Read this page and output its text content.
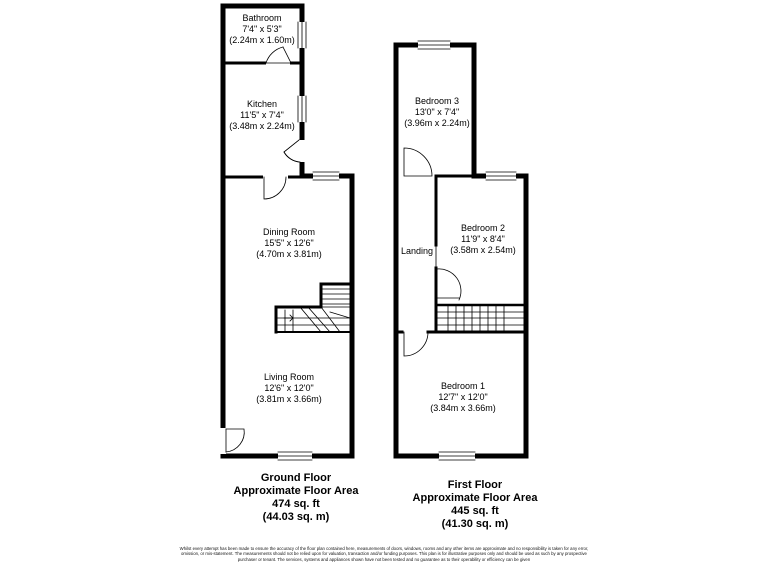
Bathroom
7'4" x 5'3"
(2.24m x 1.60m)
Kitchen
11'5" x 7'4"
(3.48m x 2.24m)
Dining Room
15'5" x 12'6"
(4.70m x 3.81m)
Living Room
12'6" x 12'0"
(3.81m x 3.66m)
Ground Floor
Approximate Floor Area
474 sq. ft
(44.03 sq. m)
Bedroom 3
13'0" x 7'4"
(3.96m x 2.24m)
Bedroom 2
11'9" x 8'4"
(3.58m x 2.54m)
Landing
Bedroom 1
12'7" x 12'0"
(3.84m x 3.66m)
First Floor
Approximate Floor Area
445 sq. ft
(41.30 sq. m)
Whilst every attempt has been made to ensure the accuracy of the floor plan contained here, measurements of doors, windows, rooms and any other items are approximate and no responsibility is taken for any error, omission, or mis-statement. The measurements should not be relied upon for valuation, transaction and/or funding purposes. This plan is for illustrative purposes only and should be used as such by any prospective purchaser or tenant. The services, systems and appliances shown have not been tested and no guarantee as to their operability or efficiency can be given
